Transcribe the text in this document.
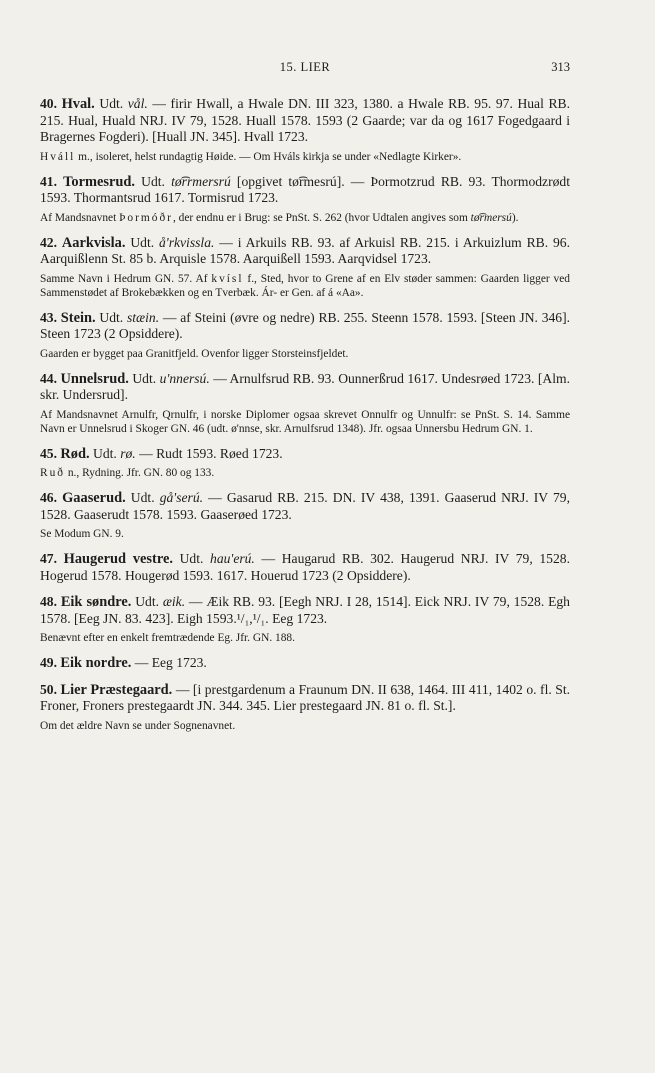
15. LIER	313

40. Hval. Udt. vål. — firir Hwall, a Hwale DN. III 323, 1380. a Hwale RB. 95. 97. Hual RB. 215. Hual, Huald NRJ. IV 79, 1528. Huall 1578. 1593 (2 Gaarde; var da og 1617 Fogedgaard i Bragernes Fogderi). [Huall JN. 345]. Hvall 1723.

Hváll m., isoleret, helst rundagtig Høide. — Om Hváls kirkja se under «Nedlagte Kirker».

41. Tormesrud. Udt. tø͡rrmersrú [opgivet tø͡rmesrú]. — Þormotzrud RB. 93. Thormodzrødt 1593. Thormantsrud 1617. Tormisrud 1723.

Af Mandsnavnet Þormóðr, der endnu er i Brug: se PnSt. S. 262 (hvor Udtalen angives som tø͡rmersú).

42. Aarkvisla. Udt. å'rkvissla. — i Arkuils RB. 93. af Arkuisl RB. 215. i Arkuizlum RB. 96. Aarquißlenn St. 85 b. Arquisle 1578. Aarquißell 1593. Aarqvidsel 1723.

Samme Navn i Hedrum GN. 57. Af kvísl f., Sted, hvor to Grene af en Elv støder sammen: Gaarden ligger ved Sammenstødet af Brokebækken og en Tverbæk. Ár- er Gen. af á «Aa».

43. Stein. Udt. stæin. — af Steini (øvre og nedre) RB. 255. Steenn 1578. 1593. [Steen JN. 346]. Steen 1723 (2 Opsiddere).

Gaarden er bygget paa Granitfjeld. Ovenfor ligger Storsteinsfjeldet.

44. Unnelsrud. Udt. u'nnersú. — Arnulfsrud RB. 93. Ounnerßrud 1617. Undesrøed 1723. [Alm. skr. Undersrud].

Af Mandsnavnet Arnulfr, Qrnulfr, i norske Diplomer ogsaa skrevet Onnulfr og Unnulfr: se PnSt. S. 14. Samme Navn er Unnelsrud i Skoger GN. 46 (udt. ø'nnse, skr. Arnulfsrud 1348). Jfr. ogsaa Unnersbu Hedrum GN. 1.

45. Rød. Udt. rø. — Rudt 1593. Røed 1723.

Ruð n., Rydning. Jfr. GN. 80 og 133.

46. Gaaserud. Udt. gå'serú. — Gasarud RB. 215. DN. IV 438, 1391. Gaaserud NRJ. IV 79, 1528. Gaaserudt 1578. 1593. Gaaserøed 1723.

Se Modum GN. 9.

47. Haugerud vestre. Udt. hau'erú. — Haugarud RB. 302. Haugerud NRJ. IV 79, 1528. Hogerud 1578. Hougerød 1593. 1617. Houerud 1723 (2 Opsiddere).

48. Eik søndre. Udt. æik. — Æik RB. 93. [Eegh NRJ. I 28, 1514]. Eick NRJ. IV 79, 1528. Egh 1578. [Eeg JN. 83. 423]. Eigh 1593.¹/₁,¹/₁. Eeg 1723.

Benævnt efter en enkelt fremtrædende Eg. Jfr. GN. 188.

49. Eik nordre. — Eeg 1723.

50. Lier Præstegaard. — [i prestgardenum a Fraunum DN. II 638, 1464. III 411, 1402 o. fl. St. Froner, Froners prestegaardt JN. 344. 345. Lier prestegaard JN. 81 o. fl. St.].

Om det ældre Navn se under Sognenavnet.
